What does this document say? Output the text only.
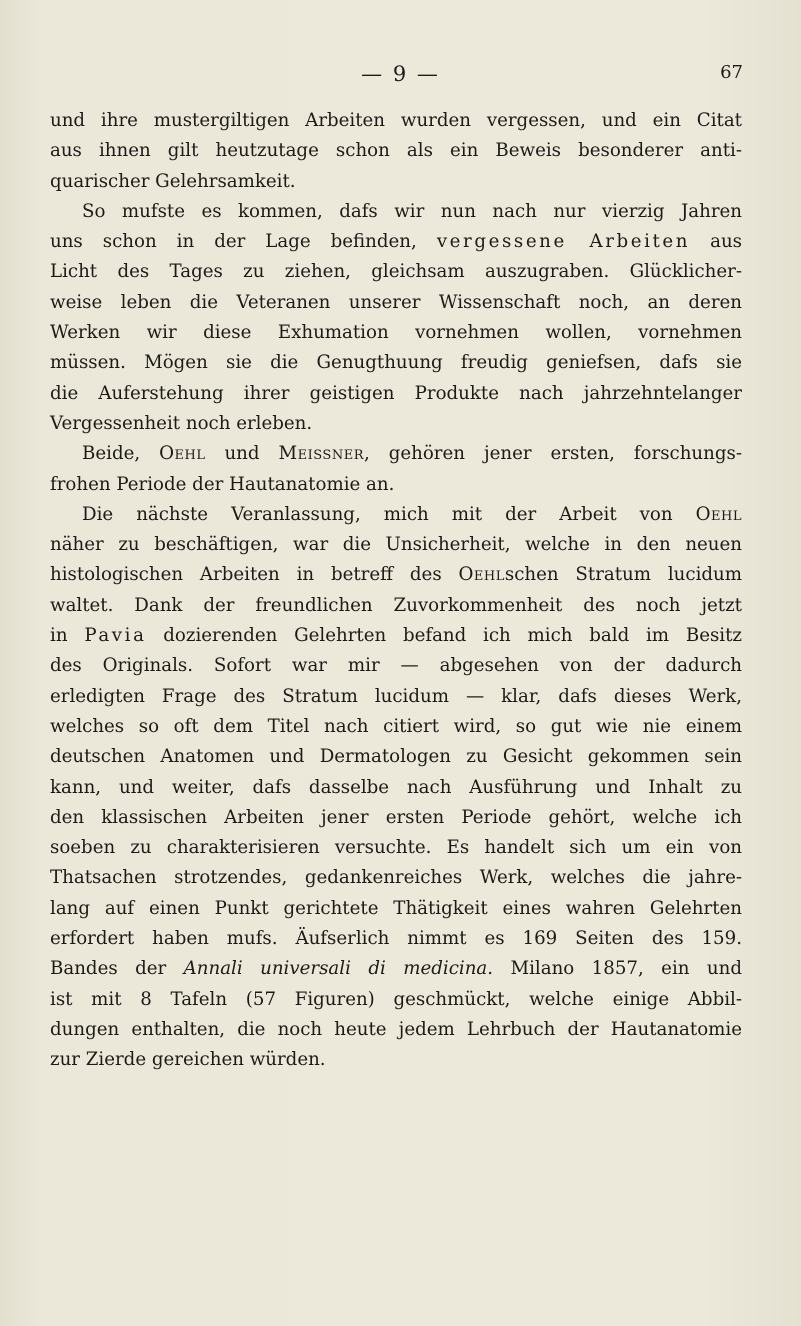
— 9 —	67
und ihre mustergiltigen Arbeiten wurden vergessen, und ein Citat
aus ihnen gilt heutzutage schon als ein Beweis besonderer anti-
quarischer Gelehrsamkeit.
So mufste es kommen, dafs wir nun nach nur vierzig Jahren
uns schon in der Lage befinden, vergessene Arbeiten aus
Licht des Tages zu ziehen, gleichsam auszugraben. Glücklicher-
weise leben die Veteranen unserer Wissenschaft noch, an deren
Werken wir diese Exhumation vornehmen wollen, vornehmen
müssen. Mögen sie die Genugthuung freudig geniefsen, dafs sie
die Auferstehung ihrer geistigen Produkte nach jahrzehntelanger
Vergessenheit noch erleben.
Beide, Oehl und Meissner, gehören jener ersten, forschungs-
frohen Periode der Hautanatomie an.
Die nächste Veranlassung, mich mit der Arbeit von Oehl
näher zu beschäftigen, war die Unsicherheit, welche in den neuen
histologischen Arbeiten in betreff des Oehlschen Stratum lucidum
waltet. Dank der freundlichen Zuvorkommenheit des noch jetzt
in Pavia dozierenden Gelehrten befand ich mich bald im Besitz
des Originals. Sofort war mir — abgesehen von der dadurch
erledigten Frage des Stratum lucidum — klar, dafs dieses Werk,
welches so oft dem Titel nach citiert wird, so gut wie nie einem
deutschen Anatomen und Dermatologen zu Gesicht gekommen sein
kann, und weiter, dafs dasselbe nach Ausführung und Inhalt zu
den klassischen Arbeiten jener ersten Periode gehört, welche ich
soeben zu charakterisieren versuchte. Es handelt sich um ein von
Thatsachen strotzendes, gedankenreiches Werk, welches die jahre-
lang auf einen Punkt gerichtete Thätigkeit eines wahren Gelehrten
erfordert haben mufs. Äufserlich nimmt es 169 Seiten des 159.
Bandes der Annali universali di medicina. Milano 1857, ein und
ist mit 8 Tafeln (57 Figuren) geschmückt, welche einige Abbil-
dungen enthalten, die noch heute jedem Lehrbuch der Hautanatomie
zur Zierde gereichen würden.
